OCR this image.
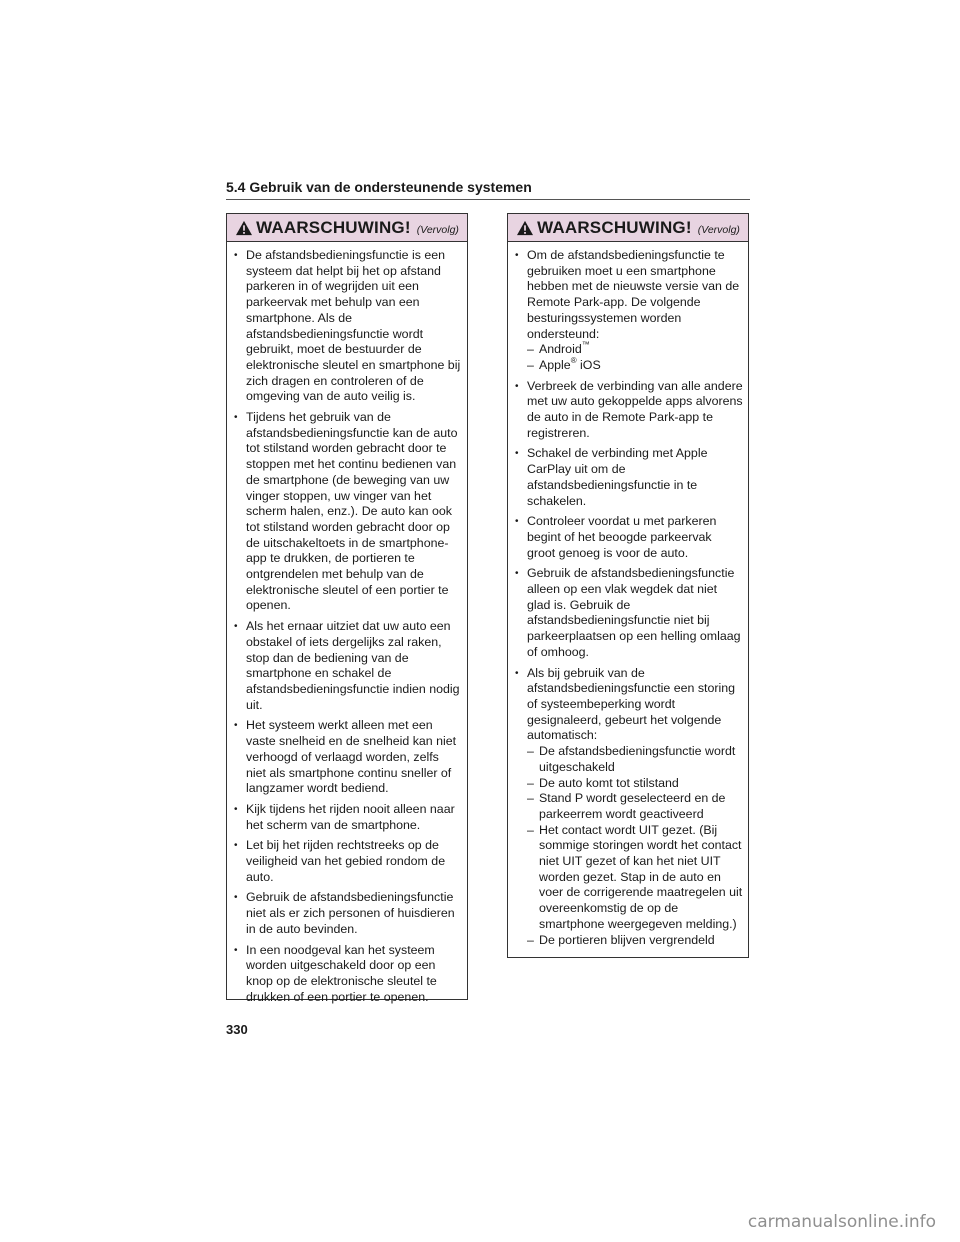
5.4 Gebruik van de ondersteunende systemen
WAARSCHUWING! (Vervolg)
• De afstandsbedieningsfunctie is een systeem dat helpt bij het op afstand parkeren in of wegrijden uit een parkeervak met behulp van een smartphone. Als de afstandsbedieningsfunctie wordt gebruikt, moet de bestuurder de elektronische sleutel en smartphone bij zich dragen en controleren of de omgeving van de auto veilig is.
• Tijdens het gebruik van de afstandsbedieningsfunctie kan de auto tot stilstand worden gebracht door te stoppen met het continu bedienen van de smartphone (de beweging van uw vinger stoppen, uw vinger van het scherm halen, enz.). De auto kan ook tot stilstand worden gebracht door op de uitschakeltoets in de smartphone-app te drukken, de portieren te ontgrendelen met behulp van de elektronische sleutel of een portier te openen.
• Als het ernaar uitziet dat uw auto een obstakel of iets dergelijks zal raken, stop dan de bediening van de smartphone en schakel de afstandsbedieningsfunctie indien nodig uit.
• Het systeem werkt alleen met een vaste snelheid en de snelheid kan niet verhoogd of verlaagd worden, zelfs niet als smartphone continu sneller of langzamer wordt bediend.
• Kijk tijdens het rijden nooit alleen naar het scherm van de smartphone.
• Let bij het rijden rechtstreeks op de veiligheid van het gebied rondom de auto.
• Gebruik de afstandsbedieningsfunctie niet als er zich personen of huisdieren in de auto bevinden.
• In een noodgeval kan het systeem worden uitgeschakeld door op een knop op de elektronische sleutel te drukken of een portier te openen.
WAARSCHUWING! (Vervolg)
• Om de afstandsbedieningsfunctie te gebruiken moet u een smartphone hebben met de nieuwste versie van de Remote Park-app. De volgende besturingssystemen worden ondersteund:
– Android™
– Apple® iOS
• Verbreek de verbinding van alle andere met uw auto gekoppelde apps alvorens de auto in de Remote Park-app te registreren.
• Schakel de verbinding met Apple CarPlay uit om de afstandsbedieningsfunctie in te schakelen.
• Controleer voordat u met parkeren begint of het beoogde parkeervak groot genoeg is voor de auto.
• Gebruik de afstandsbedieningsfunctie alleen op een vlak wegdek dat niet glad is. Gebruik de afstandsbedieningsfunctie niet bij parkeerplaatsen op een helling omlaag of omhoog.
• Als bij gebruik van de afstandsbedieningsfunctie een storing of systeembeperking wordt gesignaleerd, gebeurt het volgende automatisch:
– De afstandsbedieningsfunctie wordt uitgeschakeld
– De auto komt tot stilstand
– Stand P wordt geselecteerd en de parkeerrem wordt geactiveerd
– Het contact wordt UIT gezet. (Bij sommige storingen wordt het contact niet UIT gezet of kan het niet UIT worden gezet. Stap in de auto en voer de corrigerende maatregelen uit overeenkomstig de op de smartphone weergegeven melding.)
– De portieren blijven vergrendeld
330
carmanualsonline.info
